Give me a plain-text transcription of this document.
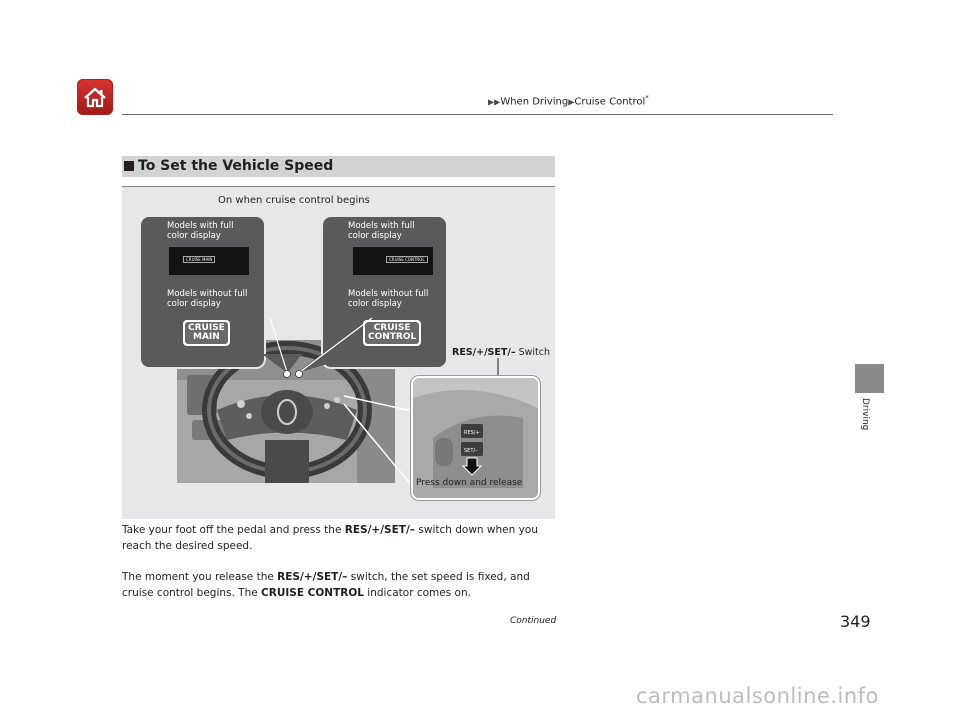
▶▶When Driving▶Cruise Control*
Driving
To Set the Vehicle Speed
On when cruise control begins
Models with full color display
CRUISE MAIN
Models without full color display
CRUISE
MAIN
Models with full color display
CRUISE CONTROL
Models without full color display
CRUISE
CONTROL
RES/+
SET/–
RES/+/SET/– Switch
Press down and release
Take your foot off the pedal and press the RES/+/SET/– switch down when you reach the desired speed.
The moment you release the RES/+/SET/– switch, the set speed is fixed, and cruise control begins. The CRUISE CONTROL indicator comes on.
Continued	349
carmanualsonline.info
